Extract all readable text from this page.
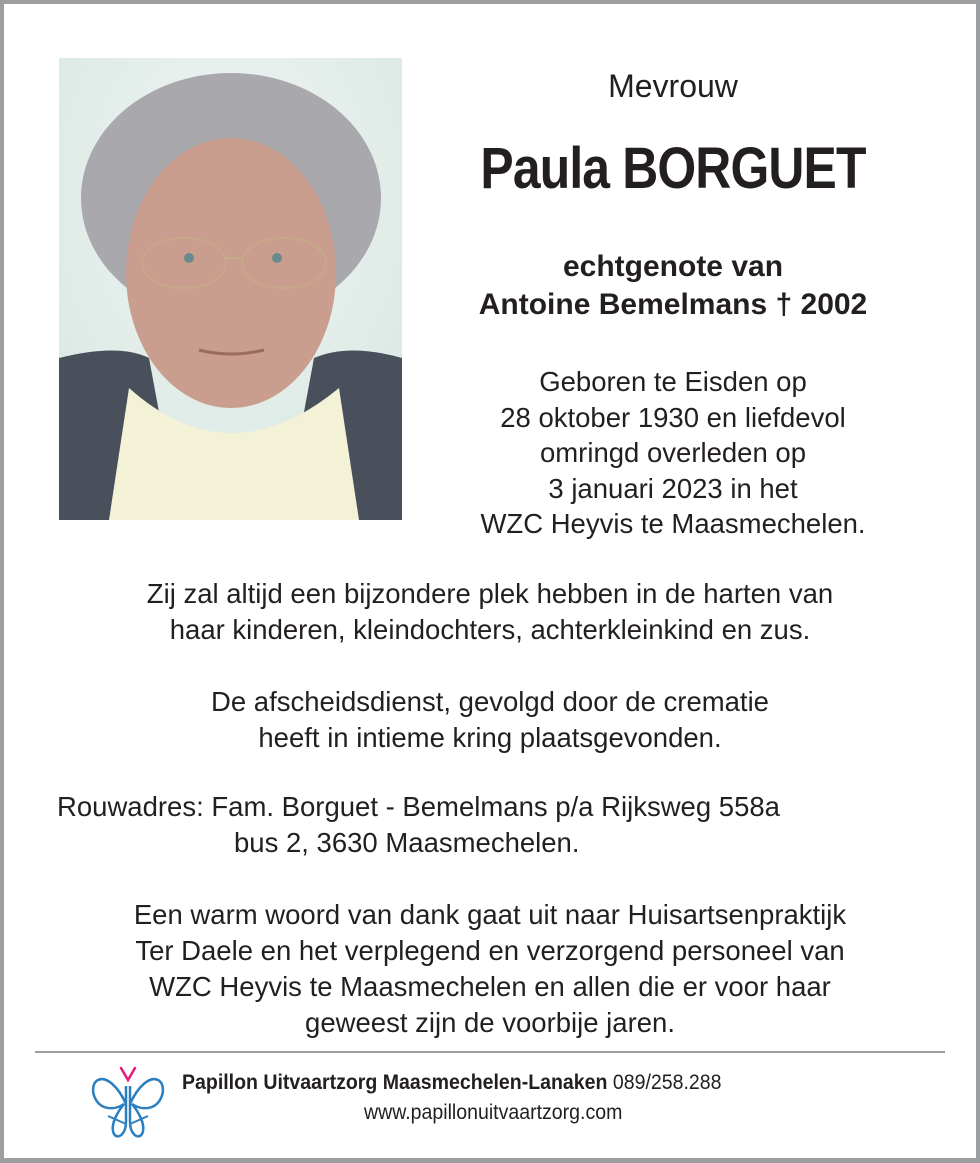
Mevrouw
Paula BORGUET
echtgenote van
Antoine Bemelmans † 2002
Geboren te Eisden op
28 oktober 1930 en liefdevol
omringd overleden op
3 januari 2023 in het
WZC Heyvis te Maasmechelen.
Zij zal altijd een bijzondere plek hebben in de harten van
haar kinderen, kleindochters, achterkleinkind en zus.
De afscheidsdienst, gevolgd door de crematie
heeft in intieme kring plaatsgevonden.
Rouwadres: Fam. Borguet - Bemelmans p/a Rijksweg 558a
bus 2, 3630 Maasmechelen.
Een warm woord van dank gaat uit naar Huisartsenpraktijk
Ter Daele en het verplegend en verzorgend personeel van
WZC Heyvis te Maasmechelen en allen die er voor haar
geweest zijn de voorbije jaren.
Papillon Uitvaartzorg Maasmechelen-Lanaken 089/258.288
www.papillonuitvaartzorg.com
